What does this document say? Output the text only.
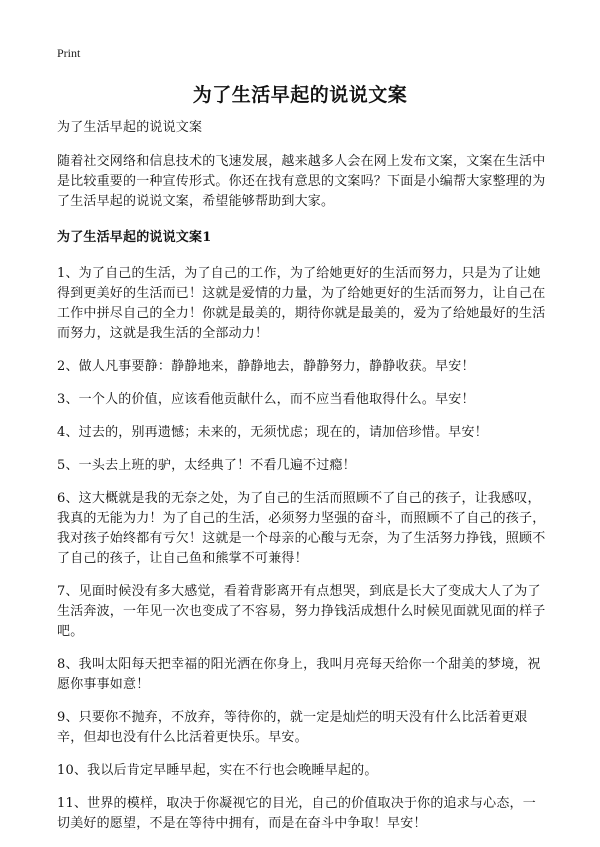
Print
为了生活早起的说说文案

为了生活早起的说说文案

随着社交网络和信息技术的飞速发展，越来越多人会在网上发布文案，文案在生活中是比较重要的一种宣传形式。你还在找有意思的文案吗？下面是小编帮大家整理的为了生活早起的说说文案，希望能够帮助到大家。

为了生活早起的说说文案1

1、为了自己的生活，为了自己的工作，为了给她更好的生活而努力，只是为了让她得到更美好的生活而已！这就是爱情的力量，为了给她更好的生活而努力，让自己在工作中拼尽自己的全力！你就是最美的，期待你就是最美的，爱为了给她最好的生活而努力，这就是我生活的全部动力！

2、做人凡事要静：静静地来，静静地去，静静努力，静静收获。早安！

3、一个人的价值，应该看他贡献什么，而不应当看他取得什么。早安！

4、过去的，别再遗憾；未来的，无须忧虑；现在的，请加倍珍惜。早安！

5、一头去上班的驴，太经典了！不看几遍不过瘾！

6、这大概就是我的无奈之处，为了自己的生活而照顾不了自己的孩子，让我感叹，我真的无能为力！为了自己的生活，必须努力坚强的奋斗，而照顾不了自己的孩子，我对孩子始终都有亏欠！这就是一个母亲的心酸与无奈，为了生活努力挣钱，照顾不了自己的孩子，让自己鱼和熊掌不可兼得！

7、见面时候没有多大感觉，看着背影离开有点想哭，到底是长大了变成大人了为了生活奔波，一年见一次也变成了不容易，努力挣钱活成想什么时候见面就见面的样子吧。

8、我叫太阳每天把幸福的阳光洒在你身上，我叫月亮每天给你一个甜美的梦境，祝愿你事事如意！

9、只要你不抛弃，不放弃，等待你的，就一定是灿烂的明天没有什么比活着更艰辛，但却也没有什么比活着更快乐。早安。

10、我以后肯定早睡早起，实在不行也会晚睡早起的。

11、世界的模样，取决于你凝视它的目光，自己的价值取决于你的追求与心态，一切美好的愿望，不是在等待中拥有，而是在奋斗中争取！早安！
